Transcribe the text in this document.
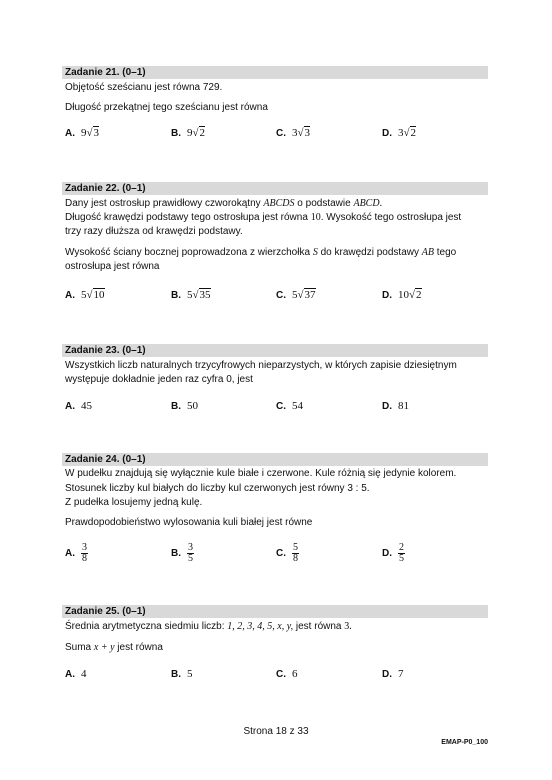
Zadanie 21. (0–1)
Objętość sześcianu jest równa 729.
Długość przekątnej tego sześcianu jest równa
A. 9√3	B. 9√2	C. 3√3	D. 3√2
Zadanie 22. (0–1)
Dany jest ostrosłup prawidłowy czworokątny ABCDS o podstawie ABCD.
Długość krawędzi podstawy tego ostrosłupa jest równa 10. Wysokość tego ostrosłupa jest
trzy razy dłuższa od krawędzi podstawy.
Wysokość ściany bocznej poprowadzona z wierzchołka S do krawędzi podstawy AB tego
ostrosłupa jest równa
A. 5√10	B. 5√35	C. 5√37	D. 10√2
Zadanie 23. (0–1)
Wszystkich liczb naturalnych trzycyfrowych nieparzystych, w których zapisie dziesiętnym
występuje dokładnie jeden raz cyfra 0, jest
A. 45	B. 50	C. 54	D. 81
Zadanie 24. (0–1)
W pudełku znajdują się wyłącznie kule białe i czerwone. Kule różnią się jedynie kolorem.
Stosunek liczby kul białych do liczby kul czerwonych jest równy 3 : 5.
Z pudełka losujemy jedną kulę.
Prawdopodobieństwo wylosowania kuli białej jest równe
A. $\frac{3}{8}$	B. $\frac{3}{5}$	C. $\frac{5}{8}$	D. $\frac{2}{5}$
Zadanie 25. (0–1)
Średnia arytmetyczna siedmiu liczb: 1, 2, 3, 4, 5, x, y, jest równa 3.
Suma x + y jest równa
A. 4	B. 5	C. 6	D. 7
Strona 18 z 33
EMAP-P0_100
